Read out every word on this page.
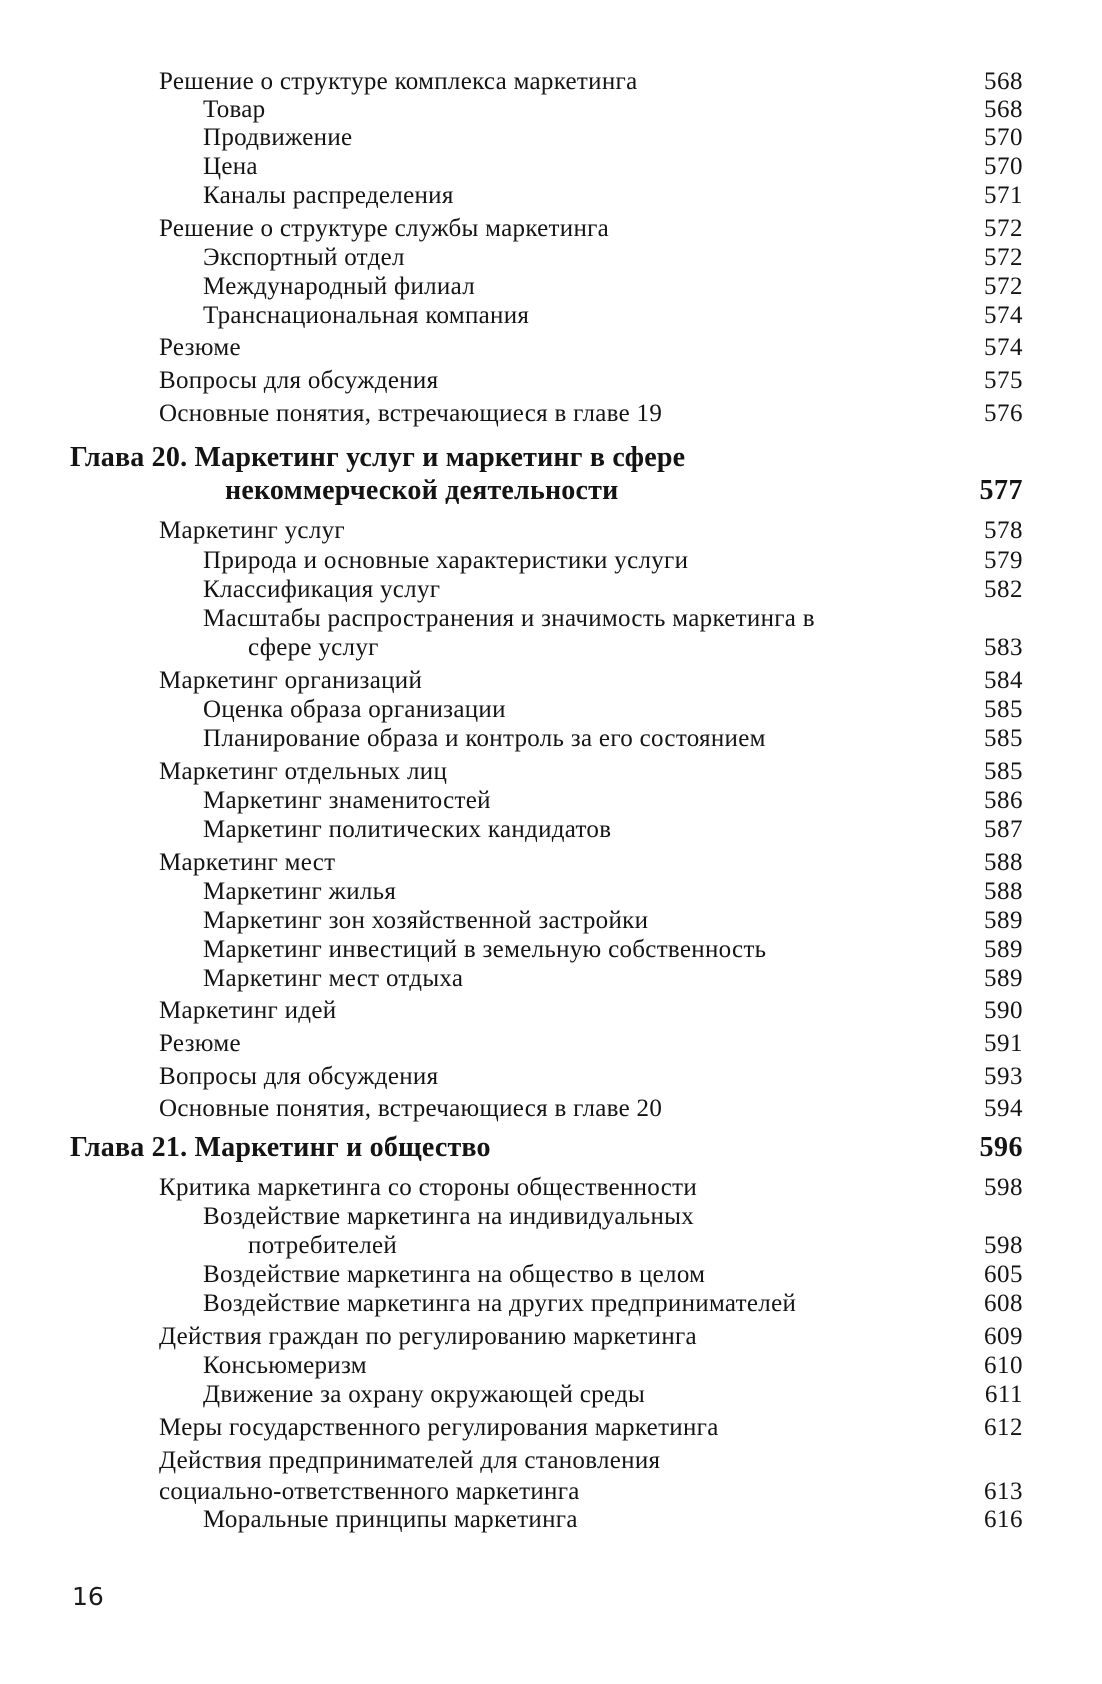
Решение о структуре комплекса маркетинга	568
Товар	568
Продвижение	570
Цена	570
Каналы распределения	571
Решение о структуре службы маркетинга	572
Экспортный отдел	572
Международный филиал	572
Транснациональная компания	574
Резюме	574
Вопросы для обсуждения	575
Основные понятия, встречающиеся в главе 19	576
Глава 20. Маркетинг услуг и маркетинг в сфере
некоммерческой деятельности	577
Маркетинг услуг	578
Природа и основные характеристики услуги	579
Классификация услуг	582
Масштабы распространения и значимость маркетинга в
сфере услуг	583
Маркетинг организаций	584
Оценка образа организации	585
Планирование образа и контроль за его состоянием	585
Маркетинг отдельных лиц	585
Маркетинг знаменитостей	586
Маркетинг политических кандидатов	587
Маркетинг мест	588
Маркетинг жилья	588
Маркетинг зон хозяйственной застройки	589
Маркетинг инвестиций в земельную собственность	589
Маркетинг мест отдыха	589
Маркетинг идей	590
Резюме	591
Вопросы для обсуждения	593
Основные понятия, встречающиеся в главе 20	594
Глава 21. Маркетинг и общество	596
Критика маркетинга со стороны общественности	598
Воздействие маркетинга на индивидуальных
потребителей	598
Воздействие маркетинга на общество в целом	605
Воздействие маркетинга на других предпринимателей	608
Действия граждан по регулированию маркетинга	609
Консьюмеризм	610
Движение за охрану окружающей среды	611
Меры государственного регулирования маркетинга	612
Действия предпринимателей для становления
социально-ответственного маркетинга	613
Моральные принципы маркетинга	616
16
